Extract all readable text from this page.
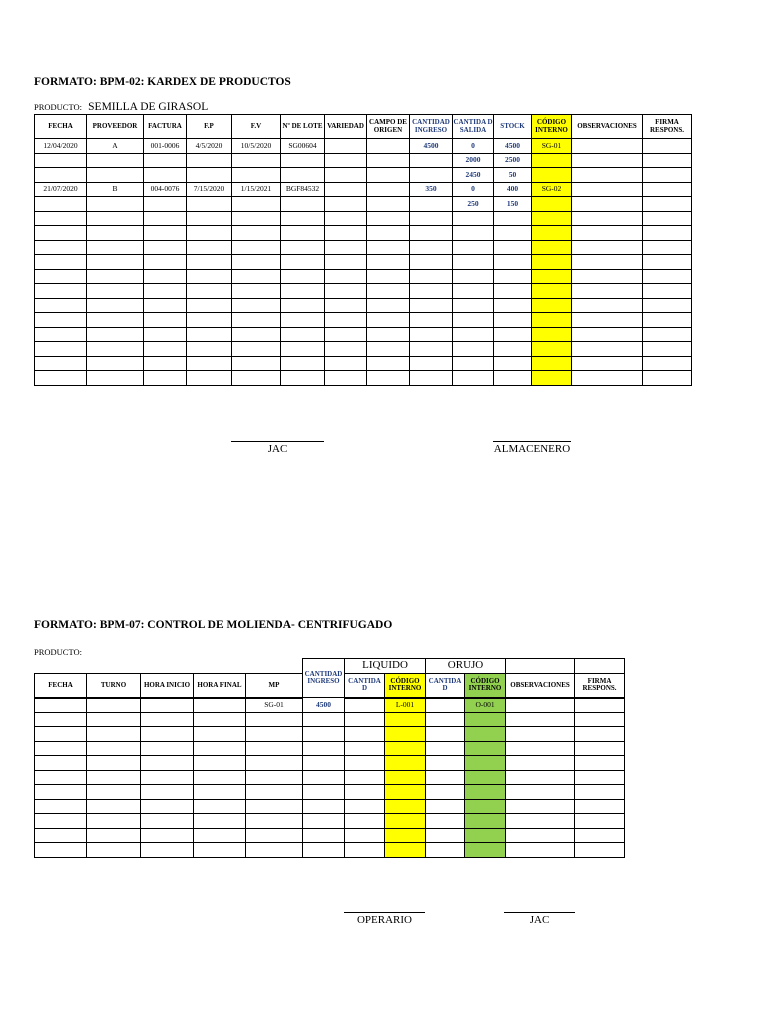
FORMATO: BPM-02: KARDEX DE PRODUCTOS
PRODUCTO: SEMILLA DE GIRASOL
FECHA	PROVEEDOR	FACTURA	F.P	F.V	Nº DE LOTE	VARIEDAD	CAMPO DE ORIGEN	CANTIDAD INGRESO	CANTIDA D SALIDA	STOCK	CÓDIGO INTERNO	OBSERVACIONES	FIRMA RESPONS.
12/04/2020	A	001-0006	4/5/2020	10/5/2020	SG00604			4500	0	4500	SG-01		
									2000	2500			
									2450	50			
21/07/2020	B	004-0076	7/15/2020	1/15/2021	BGF84532			350	0	400	SG-02		
									250	150			

JAC	ALMACENERO
FORMATO: BPM-07: CONTROL DE MOLIENDA- CENTRIFUGADO
PRODUCTO:
					CANTIDAD INGRESO	LIQUIDO		ORUJO			
FECHA	TURNO	HORA INICIO	HORA FINAL	MP		CANTIDA D	CÓDIGO INTERNO	CANTIDA D	CÓDIGO INTERNO	OBSERVACIONES	FIRMA RESPONS.
				SG-01	4500		L-001		O-001		

OPERARIO	JAC
